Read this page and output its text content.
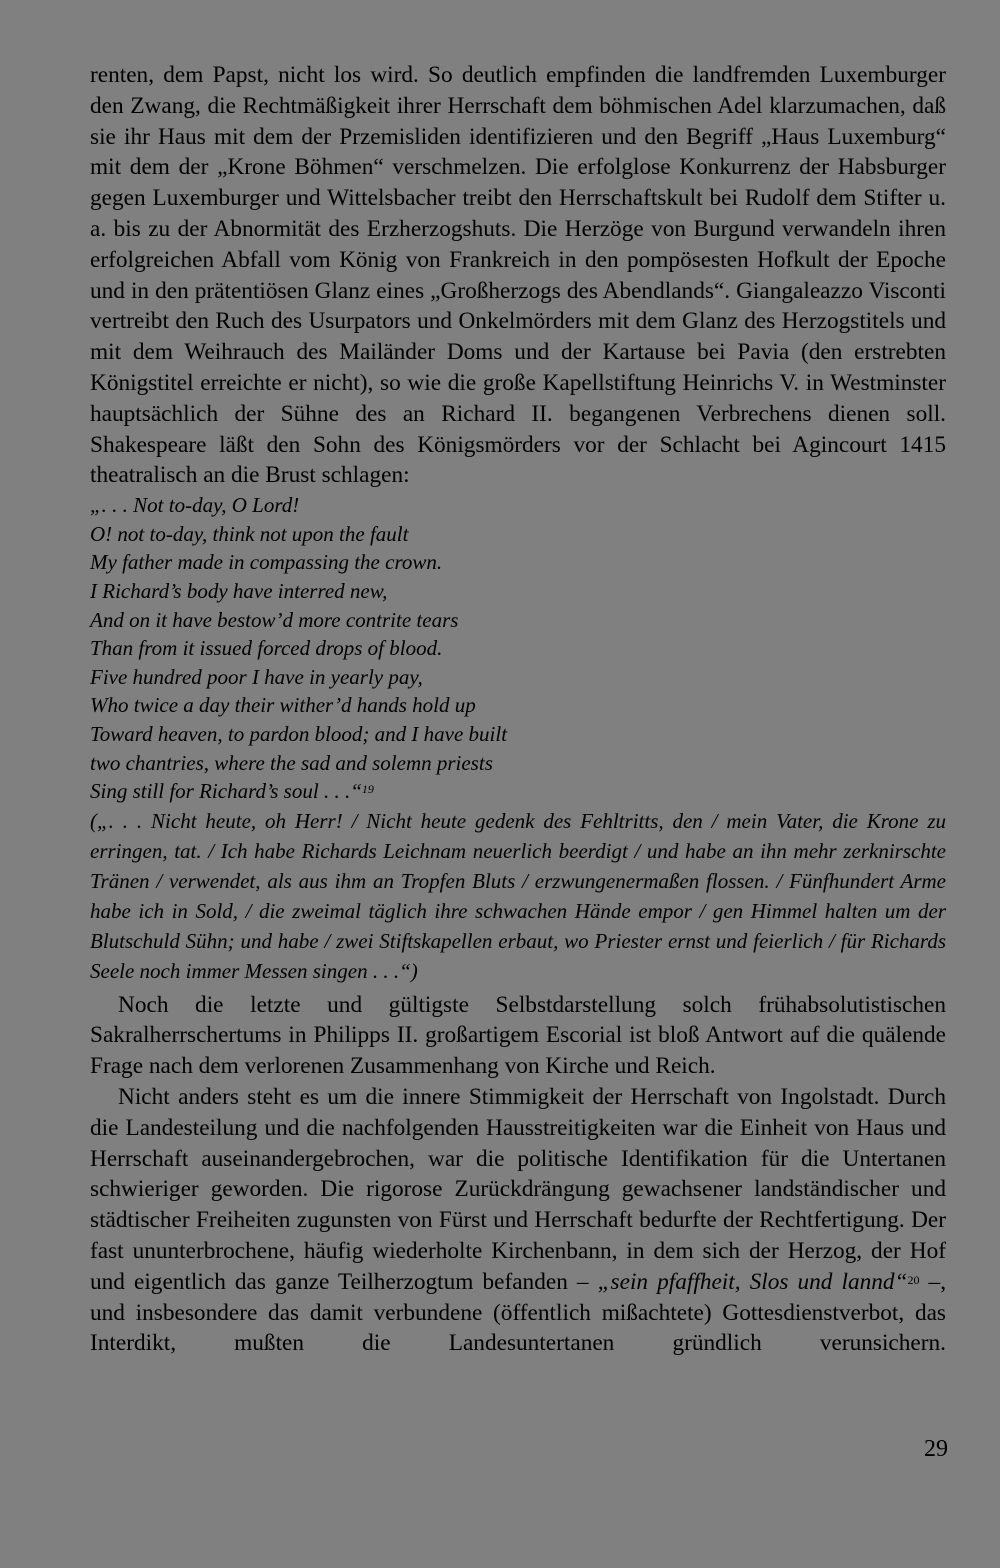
renten, dem Papst, nicht los wird. So deutlich empfinden die landfremden Luxemburger den Zwang, die Rechtmäßigkeit ihrer Herrschaft dem böhmischen Adel klarzumachen, daß sie ihr Haus mit dem der Przemisliden identifizieren und den Begriff „Haus Luxemburg“ mit dem der „Krone Böhmen“ verschmelzen. Die erfolglose Konkurrenz der Habsburger gegen Luxemburger und Wittelsbacher treibt den Herrschaftskult bei Rudolf dem Stifter u. a. bis zu der Abnormität des Erzherzogshuts. Die Herzöge von Burgund verwandeln ihren erfolgreichen Abfall vom König von Frankreich in den pompösesten Hofkult der Epoche und in den prätentiösen Glanz eines „Großherzogs des Abendlands“. Giangaleazzo Visconti vertreibt den Ruch des Usurpators und Onkelmörders mit dem Glanz des Herzogstitels und mit dem Weihrauch des Mailänder Doms und der Kartause bei Pavia (den erstrebten Königstitel erreichte er nicht), so wie die große Kapellstiftung Heinrichs V. in Westminster hauptsächlich der Sühne des an Richard II. begangenen Verbrechens dienen soll. Shakespeare läßt den Sohn des Königsmörders vor der Schlacht bei Agincourt 1415 theatralisch an die Brust schlagen:

„. . . Not to-day, O Lord!

O! not to-day, think not upon the fault

My father made in compassing the crown.

I Richard’s body have interred new,

And on it have bestow’d more contrite tears

Than from it issued forced drops of blood.

Five hundred poor I have in yearly pay,

Who twice a day their wither’d hands hold up

Toward heaven, to pardon blood; and I have built

two chantries, where the sad and solemn priests

Sing still for Richard’s soul . . .“$^{19}$

(„. . . Nicht heute, oh Herr! / Nicht heute gedenk des Fehltritts, den / mein Vater, die Krone zu erringen, tat. / Ich habe Richards Leichnam neuerlich beerdigt / und habe an ihn mehr zerknirschte Tränen / verwendet, als aus ihm an Tropfen Bluts / erzwungenermaßen flossen. / Fünfhundert Arme habe ich in Sold, / die zweimal täglich ihre schwachen Hände empor / gen Himmel halten um der Blutschuld Sühn; und habe / zwei Stiftskapellen erbaut, wo Priester ernst und feierlich / für Richards Seele noch immer Messen singen . . .“)

Noch die letzte und gültigste Selbstdarstellung solch frühabsolutistischen Sakralherrschertums in Philipps II. großartigem Escorial ist bloß Antwort auf die quälende Frage nach dem verlorenen Zusammenhang von Kirche und Reich.

Nicht anders steht es um die innere Stimmigkeit der Herrschaft von Ingolstadt. Durch die Landesteilung und die nachfolgenden Hausstreitigkeiten war die Einheit von Haus und Herrschaft auseinandergebrochen, war die politische Identifikation für die Untertanen schwieriger geworden. Die rigorose Zurückdrängung gewachsener landständischer und städtischer Freiheiten zugunsten von Fürst und Herrschaft bedurfte der Rechtfertigung. Der fast ununterbrochene, häufig wiederholte Kirchenbann, in dem sich der Herzog, der Hof und eigentlich das ganze Teilherzogtum befanden – „sein pfaffheit, Slos und lannd“$^{20}$ –, und insbesondere das damit verbundene (öffentlich mißachtete) Gottesdienstverbot, das Interdikt, mußten die Landesuntertanen gründlich verunsichern.

29
